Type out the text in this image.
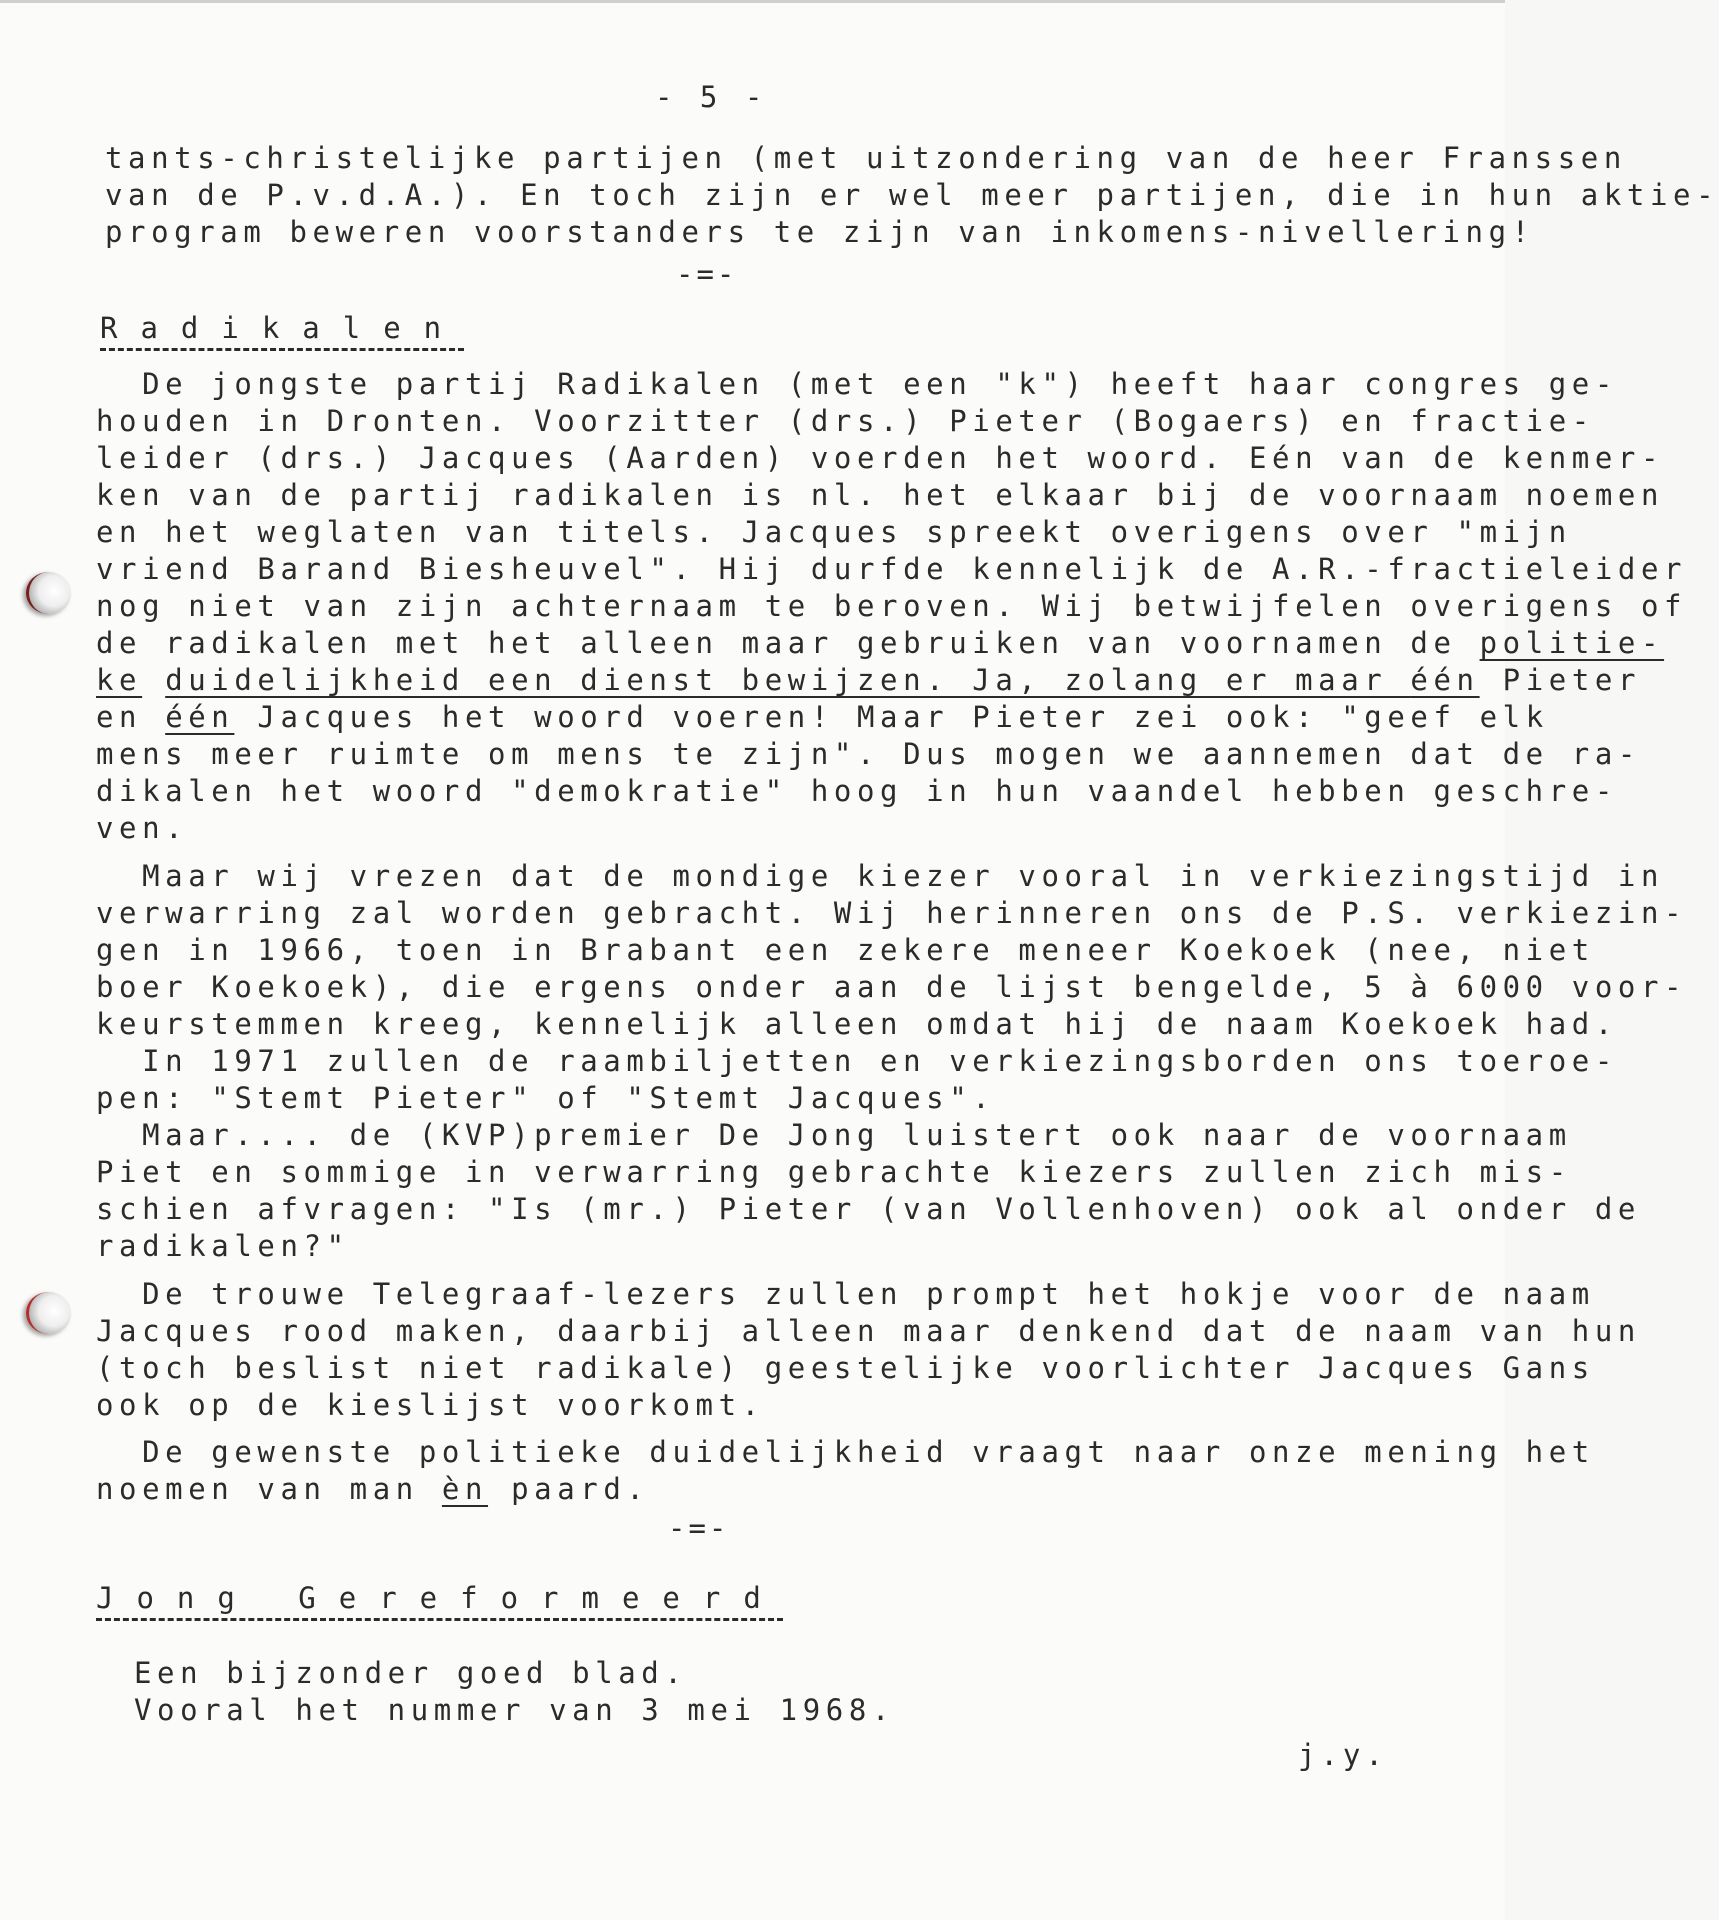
- 5 -

tants-christelijke partijen (met uitzondering van de heer Franssen

van de P.v.d.A.). En toch zijn er wel meer partijen, die in hun aktie-

program beweren voorstanders te zijn van inkomens-nivellering!

-=-

Radikalen

De jongste partij Radikalen (met een "k") heeft haar congres ge-

houden in Dronten. Voorzitter (drs.) Pieter (Bogaers) en fractie-

leider (drs.) Jacques (Aarden) voerden het woord. Eén van de kenmer-

ken van de partij radikalen is nl. het elkaar bij de voornaam noemen

en het weglaten van titels. Jacques spreekt overigens over "mijn

vriend Barand Biesheuvel". Hij durfde kennelijk de A.R.-fractieleider

nog niet van zijn achternaam te beroven. Wij betwijfelen overigens of

de radikalen met het alleen maar gebruiken van voornamen de politie-

ke duidelijkheid een dienst bewijzen. Ja, zolang er maar één Pieter

en één Jacques het woord voeren! Maar Pieter zei ook: "geef elk

mens meer ruimte om mens te zijn". Dus mogen we aannemen dat de ra-

dikalen het woord "demokratie" hoog in hun vaandel hebben geschre-

ven.

Maar wij vrezen dat de mondige kiezer vooral in verkiezingstijd in

verwarring zal worden gebracht. Wij herinneren ons de P.S. verkiezin-

gen in 1966, toen in Brabant een zekere meneer Koekoek (nee, niet

boer Koekoek), die ergens onder aan de lijst bengelde, 5 à 6000 voor-

keurstemmen kreeg, kennelijk alleen omdat hij de naam Koekoek had.

In 1971 zullen de raambiljetten en verkiezingsborden ons toeroe-

pen: "Stemt Pieter" of "Stemt Jacques".

Maar.... de (KVP)premier De Jong luistert ook naar de voornaam

Piet en sommige in verwarring gebrachte kiezers zullen zich mis-

schien afvragen: "Is (mr.) Pieter (van Vollenhoven) ook al onder de

radikalen?"

De trouwe Telegraaf-lezers zullen prompt het hokje voor de naam

Jacques rood maken, daarbij alleen maar denkend dat de naam van hun

(toch beslist niet radikale) geestelijke voorlichter Jacques Gans

ook op de kieslijst voorkomt.

De gewenste politieke duidelijkheid vraagt naar onze mening het

noemen van man èn paard.

-=-

Jong Gereformeerd

Een bijzonder goed blad.

Vooral het nummer van 3 mei 1968.

j.y.
